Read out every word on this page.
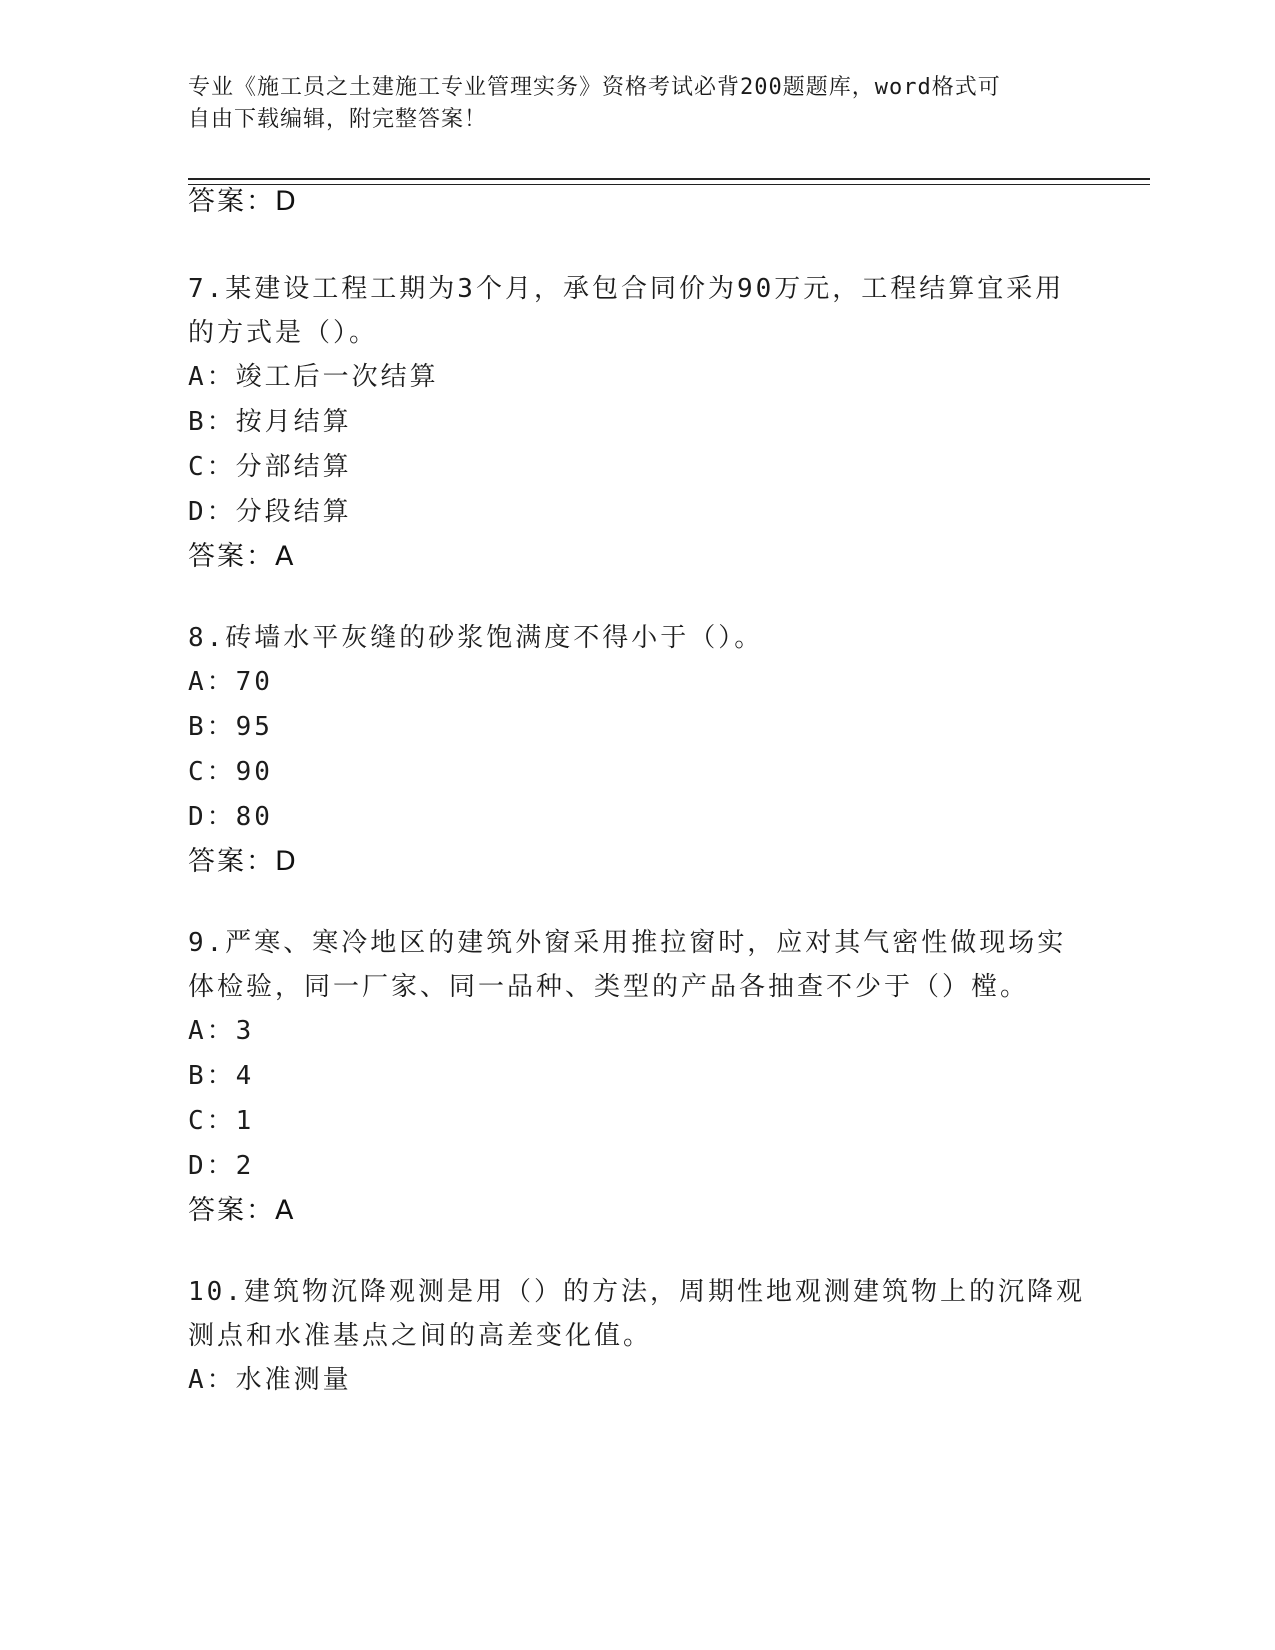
专业《施工员之土建施工专业管理实务》资格考试必背200题题库，word格式可
自由下载编辑，附完整答案！
答案：D
7.某建设工程工期为3个月，承包合同价为90万元，工程结算宜采用
的方式是（）。
A：竣工后一次结算
B：按月结算
C：分部结算
D：分段结算
答案：A
8.砖墙水平灰缝的砂浆饱满度不得小于（）。
A：70
B：95
C：90
D：80
答案：D
9.严寒、寒冷地区的建筑外窗采用推拉窗时，应对其气密性做现场实
体检验，同一厂家、同一品种、类型的产品各抽查不少于（）樘。
A：3
B：4
C：1
D：2
答案：A
10.建筑物沉降观测是用（）的方法，周期性地观测建筑物上的沉降观
测点和水准基点之间的高差变化值。
A：水准测量
